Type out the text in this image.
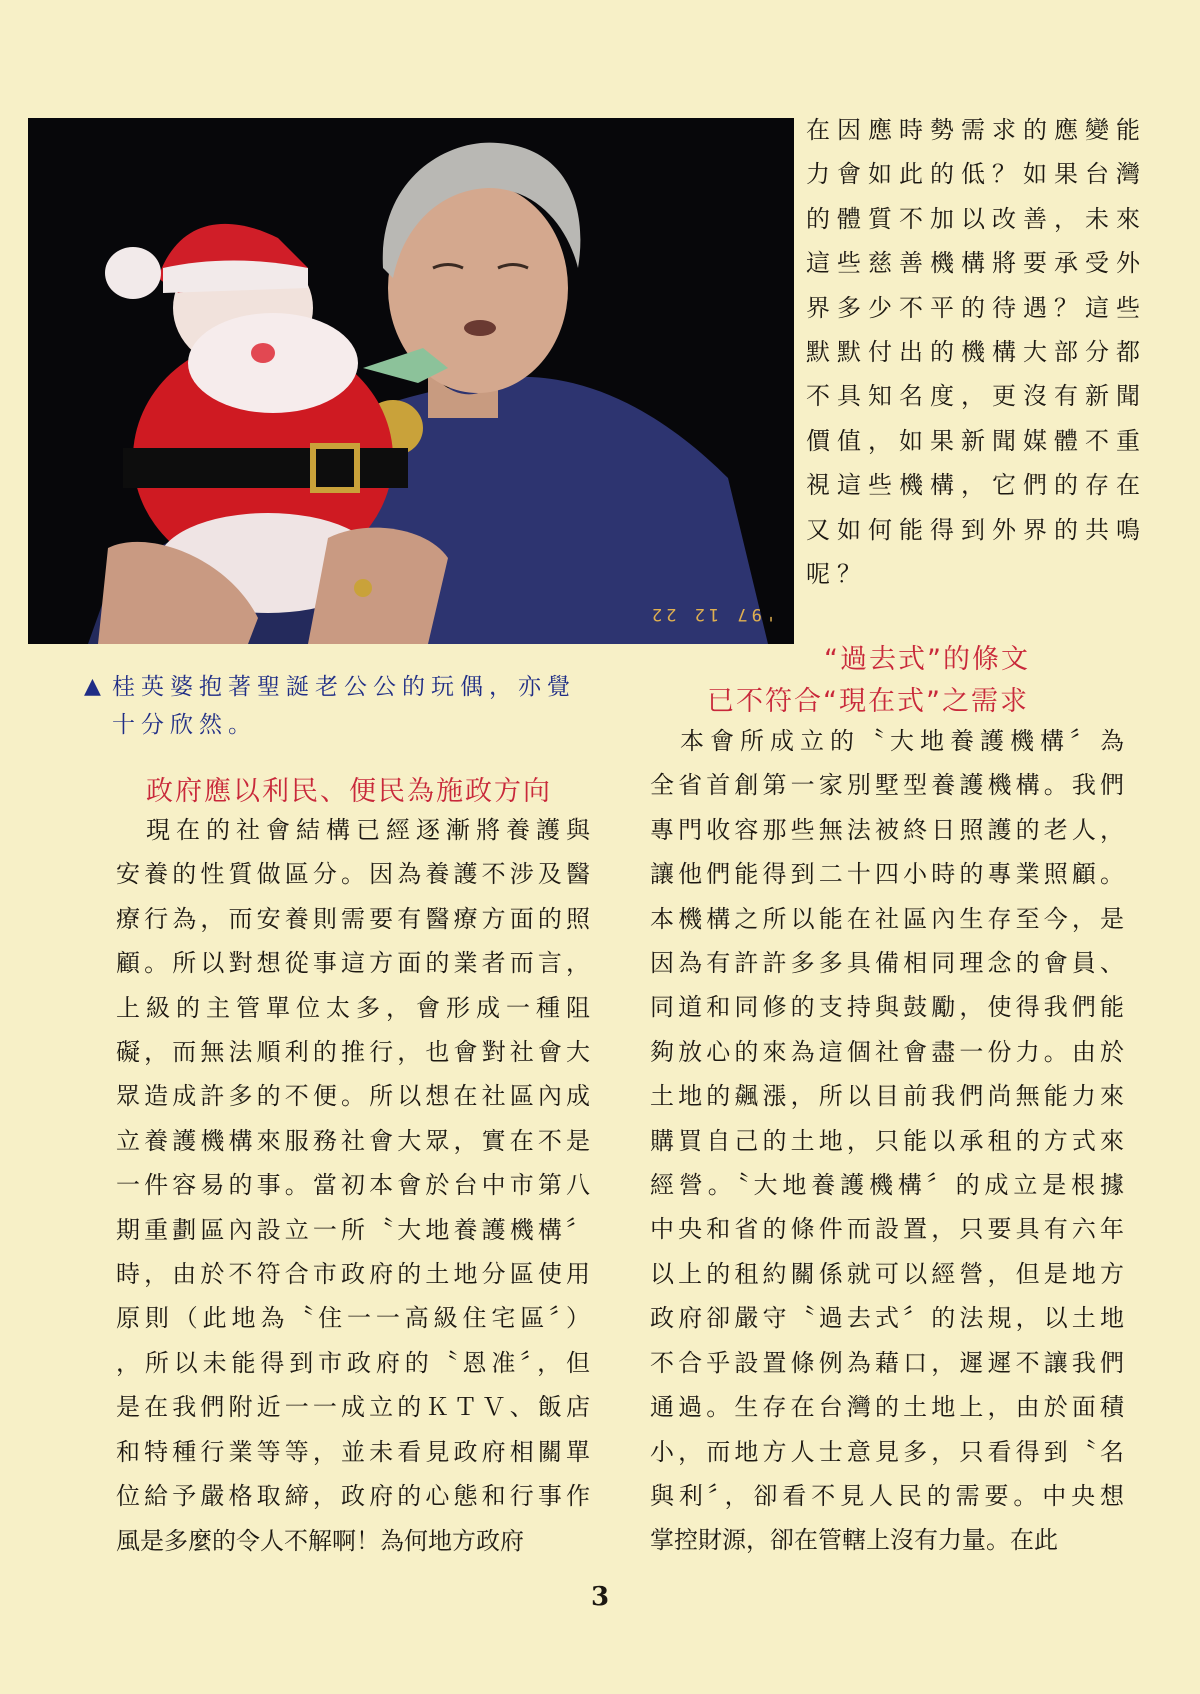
'97 12 22
在因應時勢需求的應變能
力會如此的低？如果台灣
的體質不加以改善，未來
這些慈善機構將要承受外
界多少不平的待遇？這些
默默付出的機構大部分都
不具知名度，更沒有新聞
價值，如果新聞媒體不重
視這些機構，它們的存在
又如何能得到外界的共鳴
呢？
▲ 桂英婆抱著聖誕老公公的玩偶，亦覺
十分欣然。
“過去式”的條文
已不符合“現在式”之需求
政府應以利民、便民為施政方向
　現在的社會結構已經逐漸將養護與
安養的性質做區分。因為養護不涉及醫
療行為，而安養則需要有醫療方面的照
顧。所以對想從事這方面的業者而言，
上級的主管單位太多，會形成一種阻
礙，而無法順利的推行，也會對社會大
眾造成許多的不便。所以想在社區內成
立養護機構來服務社會大眾，實在不是
一件容易的事。當初本會於台中市第八
期重劃區內設立一所〝大地養護機構〞
時，由於不符合市政府的土地分區使用
原則（此地為〝住一一高級住宅區〞）
，所以未能得到市政府的〝恩准〞，但
是在我們附近一一成立的ＫＴＶ、飯店
和特種行業等等，並未看見政府相關單
位給予嚴格取締，政府的心態和行事作
風是多麼的令人不解啊！為何地方政府
　本會所成立的〝大地養護機構〞為
全省首創第一家別墅型養護機構。我們
專門收容那些無法被終日照護的老人，
讓他們能得到二十四小時的專業照顧。
本機構之所以能在社區內生存至今，是
因為有許許多多具備相同理念的會員、
同道和同修的支持與鼓勵，使得我們能
夠放心的來為這個社會盡一份力。由於
土地的飆漲，所以目前我們尚無能力來
購買自己的土地，只能以承租的方式來
經營。〝大地養護機構〞的成立是根據
中央和省的條件而設置，只要具有六年
以上的租約關係就可以經營，但是地方
政府卻嚴守〝過去式〞的法規，以土地
不合乎設置條例為藉口，遲遲不讓我們
通過。生存在台灣的土地上，由於面積
小，而地方人士意見多，只看得到〝名
與利〞，卻看不見人民的需要。中央想
掌控財源，卻在管轄上沒有力量。在此
3
